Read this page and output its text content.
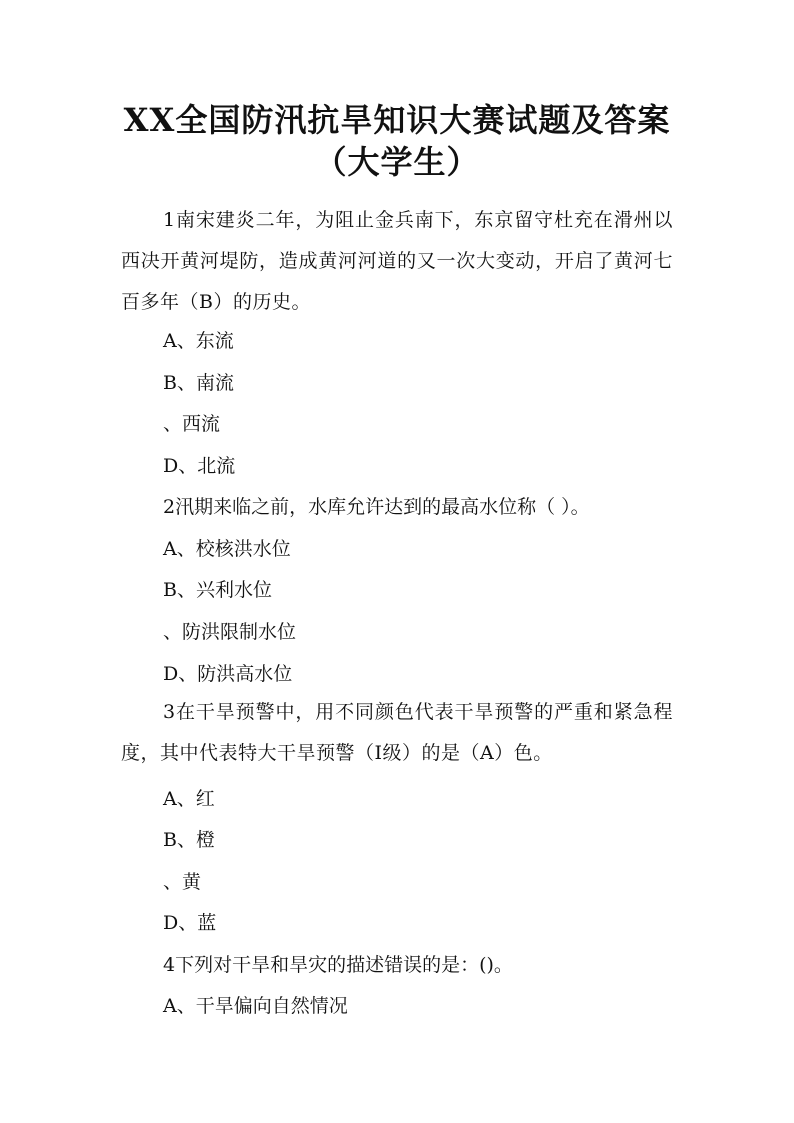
XX全国防汛抗旱知识大赛试题及答案
（大学生）

1南宋建炎二年，为阻止金兵南下，东京留守杜充在滑州以西决开黄河堤防，造成黄河河道的又一次大变动，开启了黄河七百多年（B）的历史。

A、东流

B、南流

、西流

D、北流

2汛期来临之前，水库允许达到的最高水位称（ ）。

A、校核洪水位

B、兴利水位

、防洪限制水位

D、防洪高水位

3在干旱预警中，用不同颜色代表干旱预警的严重和紧急程度，其中代表特大干旱预警（Ⅰ级）的是（A）色。

A、红

B、橙

、黄

D、蓝

4下列对干旱和旱灾的描述错误的是：()。

A、干旱偏向自然情况
